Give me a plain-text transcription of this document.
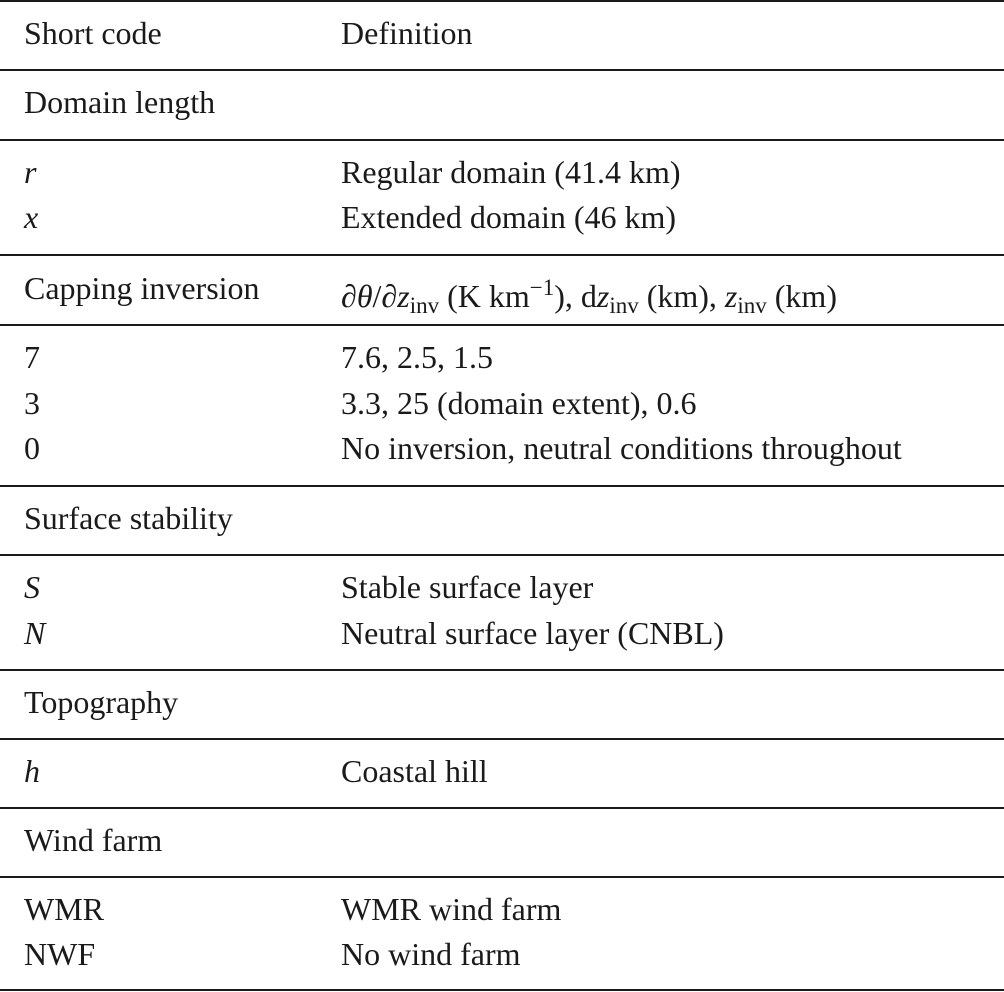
Short code	Definition
Domain length
r	Regular domain (41.4 km)
x	Extended domain (46 km)
Capping inversion	$\partial\theta/\partial z_{inv}$ (K $km^{-1}$), $dz_{inv}$ (km), $z_{inv}$ (km)
7	7.6, 2.5, 1.5
3	3.3, 25 (domain extent), 0.6
0	No inversion, neutral conditions throughout
Surface stability
S	Stable surface layer
N	Neutral surface layer (CNBL)
Topography
h	Coastal hill
Wind farm
WMR	WMR wind farm
NWF	No wind farm
